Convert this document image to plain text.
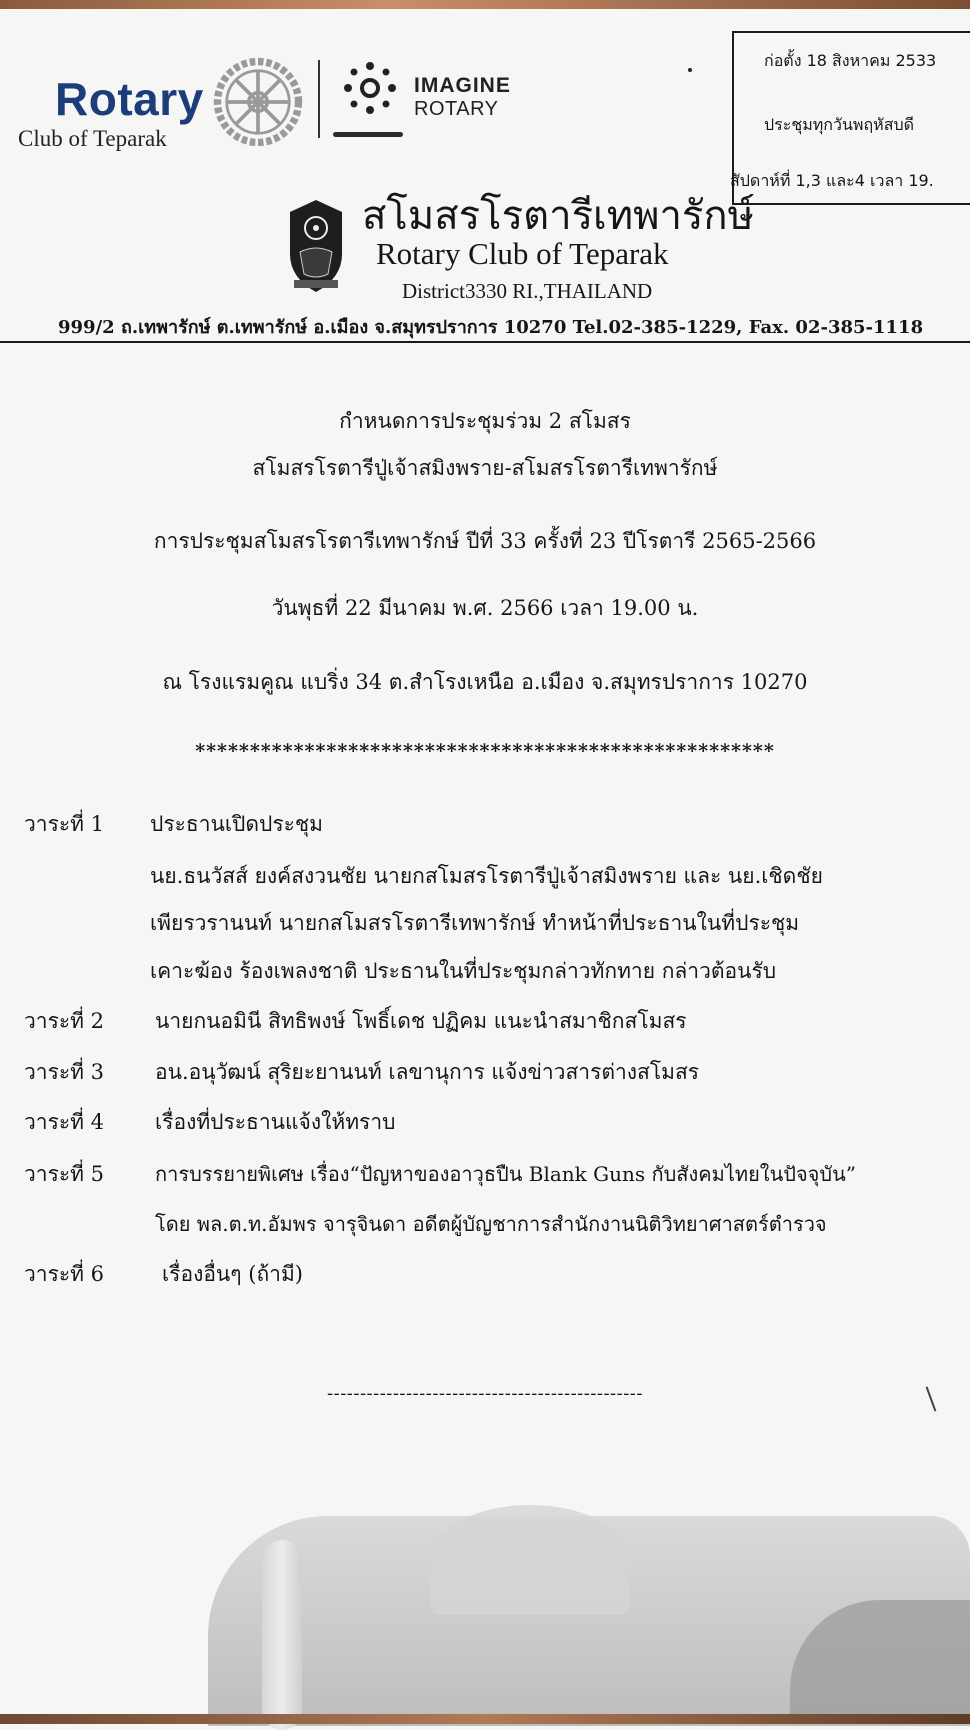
Rotary
Club of Teparak
IMAGINE
ROTARY
ก่อตั้ง 18 สิงหาคม 2533
ประชุมทุกวันพฤหัสบดี
สัปดาห์ที่ 1,3 และ4 เวลา 19.
สโมสรโรตารีเทพารักษ์
Rotary Club of Teparak
District3330 RI.,THAILAND
999/2 ถ.เทพารักษ์ ต.เทพารักษ์ อ.เมือง จ.สมุทรปราการ 10270 Tel.02-385-1229, Fax. 02-385-1118
กำหนดการประชุมร่วม 2 สโมสร
สโมสรโรตารีปู่เจ้าสมิงพราย-สโมสรโรตารีเทพารักษ์
การประชุมสโมสรโรตารีเทพารักษ์ ปีที่ 33 ครั้งที่ 23 ปีโรตารี 2565-2566
วันพุธที่ 22 มีนาคม พ.ศ. 2566 เวลา 19.00 น.
ณ โรงแรมคูณ แบริ่ง 34 ต.สำโรงเหนือ อ.เมือง จ.สมุทรปราการ 10270
*****************************************************
วาระที่ 1 ประธานเปิดประชุม
นย.ธนวัสส์ ยงค์สงวนชัย นายกสโมสรโรตารีปู่เจ้าสมิงพราย และ นย.เชิดชัย
เพียรวรานนท์ นายกสโมสรโรตารีเทพารักษ์ ทำหน้าที่ประธานในที่ประชุม
เคาะฆ้อง ร้องเพลงชาติ ประธานในที่ประชุมกล่าวทักทาย กล่าวต้อนรับ
วาระที่ 2 นายกนอมินี สิทธิพงษ์ โพธิ์เดช ปฏิคม แนะนำสมาชิกสโมสร
วาระที่ 3 อน.อนุวัฒน์ สุริยะยานนท์ เลขานุการ แจ้งข่าวสารต่างสโมสร
วาระที่ 4 เรื่องที่ประธานแจ้งให้ทราบ
วาระที่ 5	การบรรยายพิเศษ เรื่อง“ปัญหาของอาวุธปืน Blank Guns กับสังคมไทยในปัจจุบัน”
โดย พล.ต.ท.อัมพร จารุจินดา อดีตผู้บัญชาการสำนักงานนิติวิทยาศาสตร์ตำรวจ
วาระที่ 6	เรื่องอื่นๆ (ถ้ามี)
------------------------------------------------
